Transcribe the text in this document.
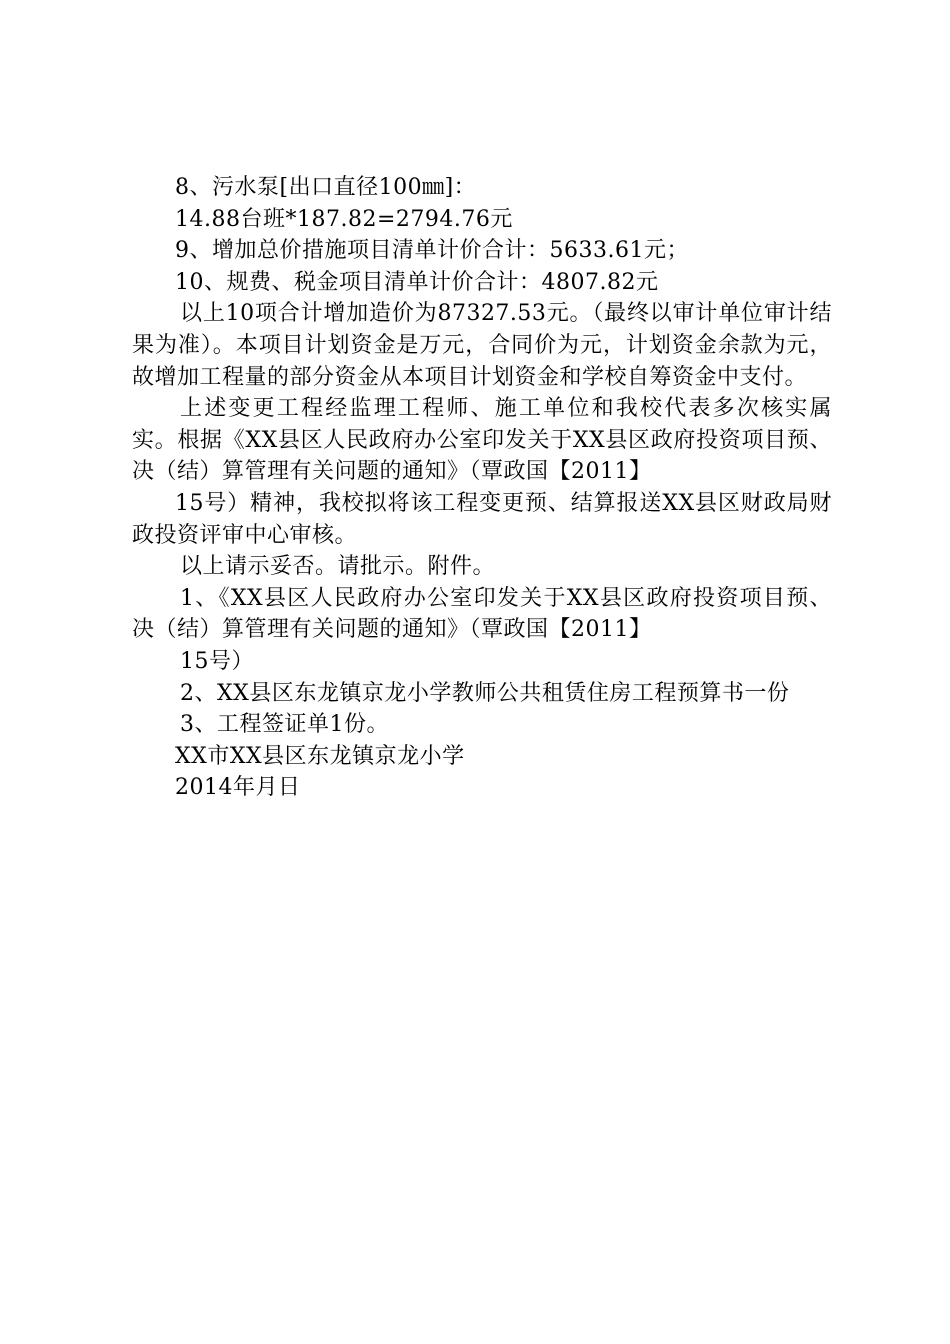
8、污水泵[出口直径100㎜]：
14.88台班*187.82=2794.76元
9、增加总价措施项目清单计价合计：5633.61元；
10、规费、税金项目清单计价合计：4807.82元
以上10项合计增加造价为87327.53元。（最终以审计单位审计结果为准）。本项目计划资金是万元，合同价为元，计划资金余款为元，故增加工程量的部分资金从本项目计划资金和学校自筹资金中支付。
上述变更工程经监理工程师、施工单位和我校代表多次核实属实。根据《XX县区人民政府办公室印发关于XX县区政府投资项目预、决（结）算管理有关问题的通知》（覃政国【2011】
15号）精神，我校拟将该工程变更预、结算报送XX县区财政局财政投资评审中心审核。
以上请示妥否。请批示。附件。
1、《XX县区人民政府办公室印发关于XX县区政府投资项目预、决（结）算管理有关问题的通知》（覃政国【2011】
15号）
2、XX县区东龙镇京龙小学教师公共租赁住房工程预算书一份
3、工程签证单1份。
XX市XX县区东龙镇京龙小学
2014年月日
